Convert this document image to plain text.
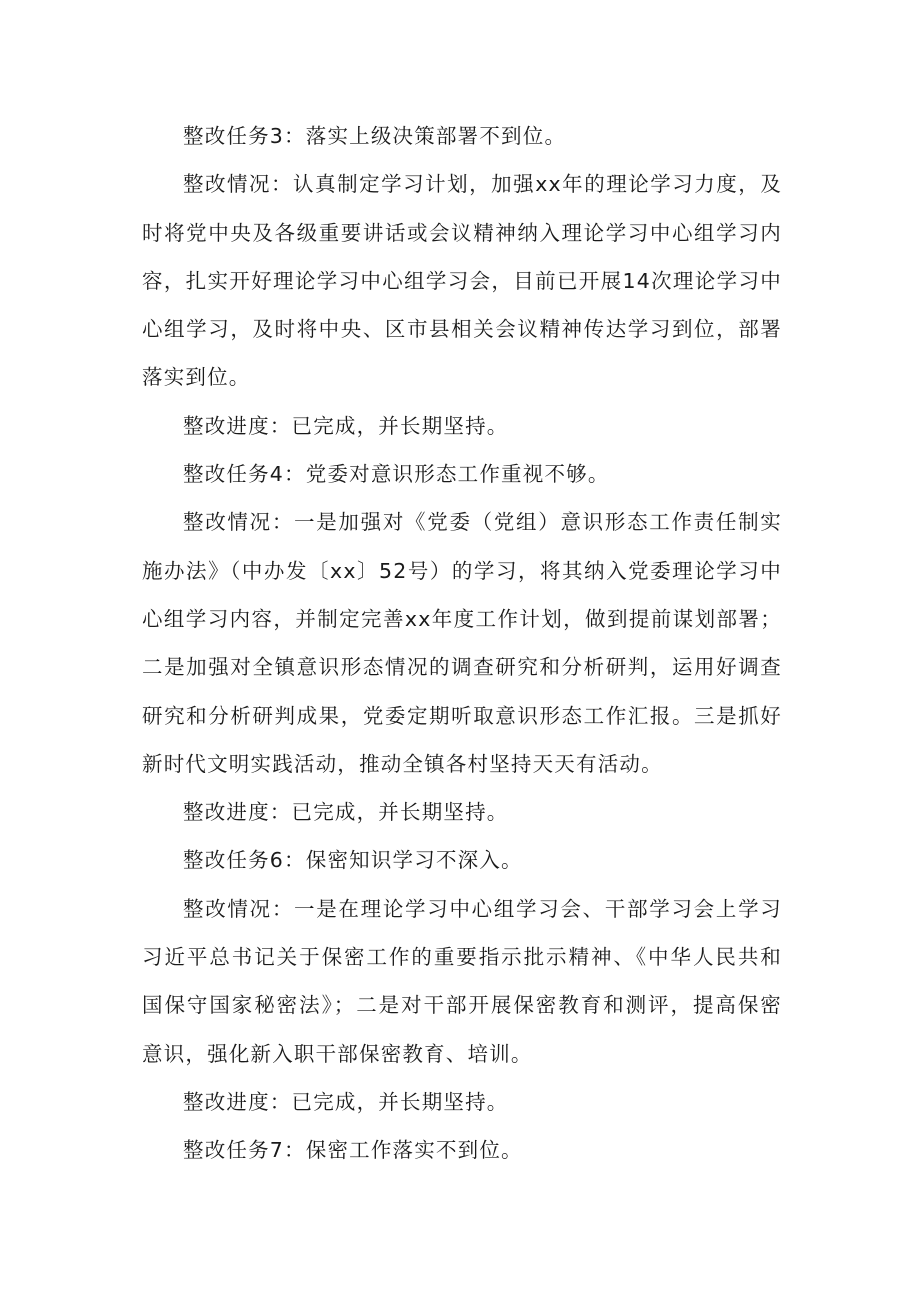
整改任务3：落实上级决策部署不到位。

整改情况：认真制定学习计划，加强xx年的理论学习力度，及时将党中央及各级重要讲话或会议精神纳入理论学习中心组学习内容，扎实开好理论学习中心组学习会，目前已开展14次理论学习中心组学习，及时将中央、区市县相关会议精神传达学习到位，部署落实到位。

整改进度：已完成，并长期坚持。

整改任务4：党委对意识形态工作重视不够。

整改情况：一是加强对《党委（党组）意识形态工作责任制实施办法》（中办发〔xx〕52号）的学习，将其纳入党委理论学习中心组学习内容，并制定完善xx年度工作计划，做到提前谋划部署；二是加强对全镇意识形态情况的调查研究和分析研判，运用好调查研究和分析研判成果，党委定期听取意识形态工作汇报。三是抓好新时代文明实践活动，推动全镇各村坚持天天有活动。

整改进度：已完成，并长期坚持。

整改任务6：保密知识学习不深入。

整改情况：一是在理论学习中心组学习会、干部学习会上学习习近平总书记关于保密工作的重要指示批示精神、《中华人民共和国保守国家秘密法》；二是对干部开展保密教育和测评，提高保密意识，强化新入职干部保密教育、培训。

整改进度：已完成，并长期坚持。

整改任务7：保密工作落实不到位。
